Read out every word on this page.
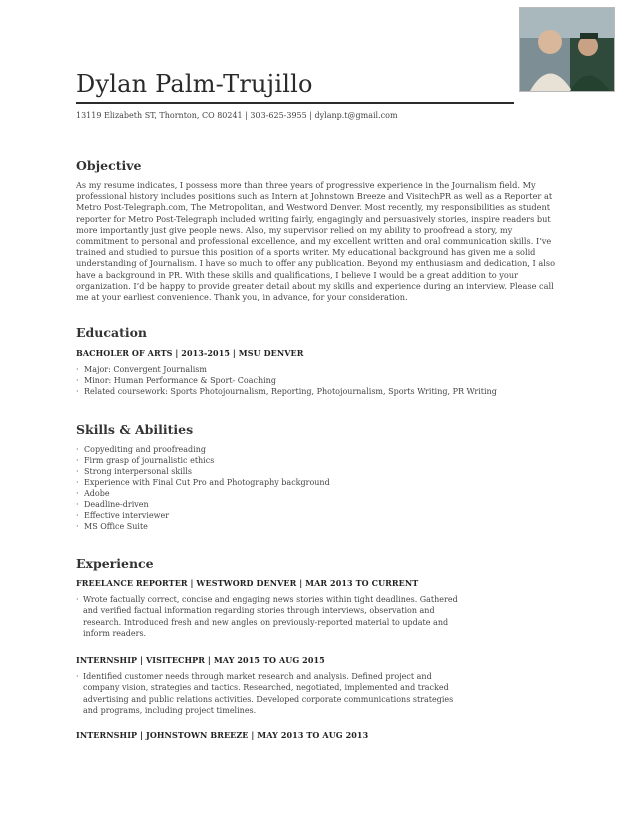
Dylan Palm-Trujillo
13119 Elizabeth ST, Thornton, CO 80241 | 303-625-3955 | dylanp.t@gmail.com
Objective
As my resume indicates, I possess more than three years of progressive experience in the Journalism field. My professional history includes positions such as Intern at Johnstown Breeze and VisitechPR as well as a Reporter at Metro Post-Telegraph.com, The Metropolitan, and Westword Denver. Most recently, my responsibilities as student reporter for Metro Post-Telegraph included writing fairly, engagingly and persuasively stories, inspire readers but more importantly just give people news. Also, my supervisor relied on my ability to proofread a story, my commitment to personal and professional excellence, and my excellent written and oral communication skills. I’ve trained and studied to pursue this position of a sports writer. My educational background has given me a solid understanding of Journalism. I have so much to offer any publication. Beyond my enthusiasm and dedication, I also have a background in PR. With these skills and qualifications, I believe I would be a great addition to your organization. I’d be happy to provide greater detail about my skills and experience during an interview. Please call me at your earliest convenience. Thank you, in advance, for your consideration.
Education
BACHOLER OF ARTS | 2013-2015 | MSU DENVER
· Major: Convergent Journalism
· Minor: Human Performance & Sport- Coaching
· Related coursework: Sports Photojournalism, Reporting, Photojournalism, Sports Writing, PR Writing
Skills & Abilities
· Copyediting and proofreading
· Firm grasp of journalistic ethics
· Strong interpersonal skills
· Experience with Final Cut Pro and Photography background
· Adobe
· Deadline-driven
· Effective interviewer
· MS Office Suite
Experience
FREELANCE REPORTER | WESTWORD DENVER | MAR 2013 TO CURRENT
· Wrote factually correct, concise and engaging news stories within tight deadlines. Gathered and verified factual information regarding stories through interviews, observation and research. Introduced fresh and new angles on previously-reported material to update and inform readers.
INTERNSHIP | VISITECHPR | MAY 2015 TO AUG 2015
· Identified customer needs through market research and analysis. Defined project and company vision, strategies and tactics. Researched, negotiated, implemented and tracked advertising and public relations activities. Developed corporate communications strategies and programs, including project timelines.
INTERNSHIP | JOHNSTOWN BREEZE | MAY 2013 TO AUG 2013
